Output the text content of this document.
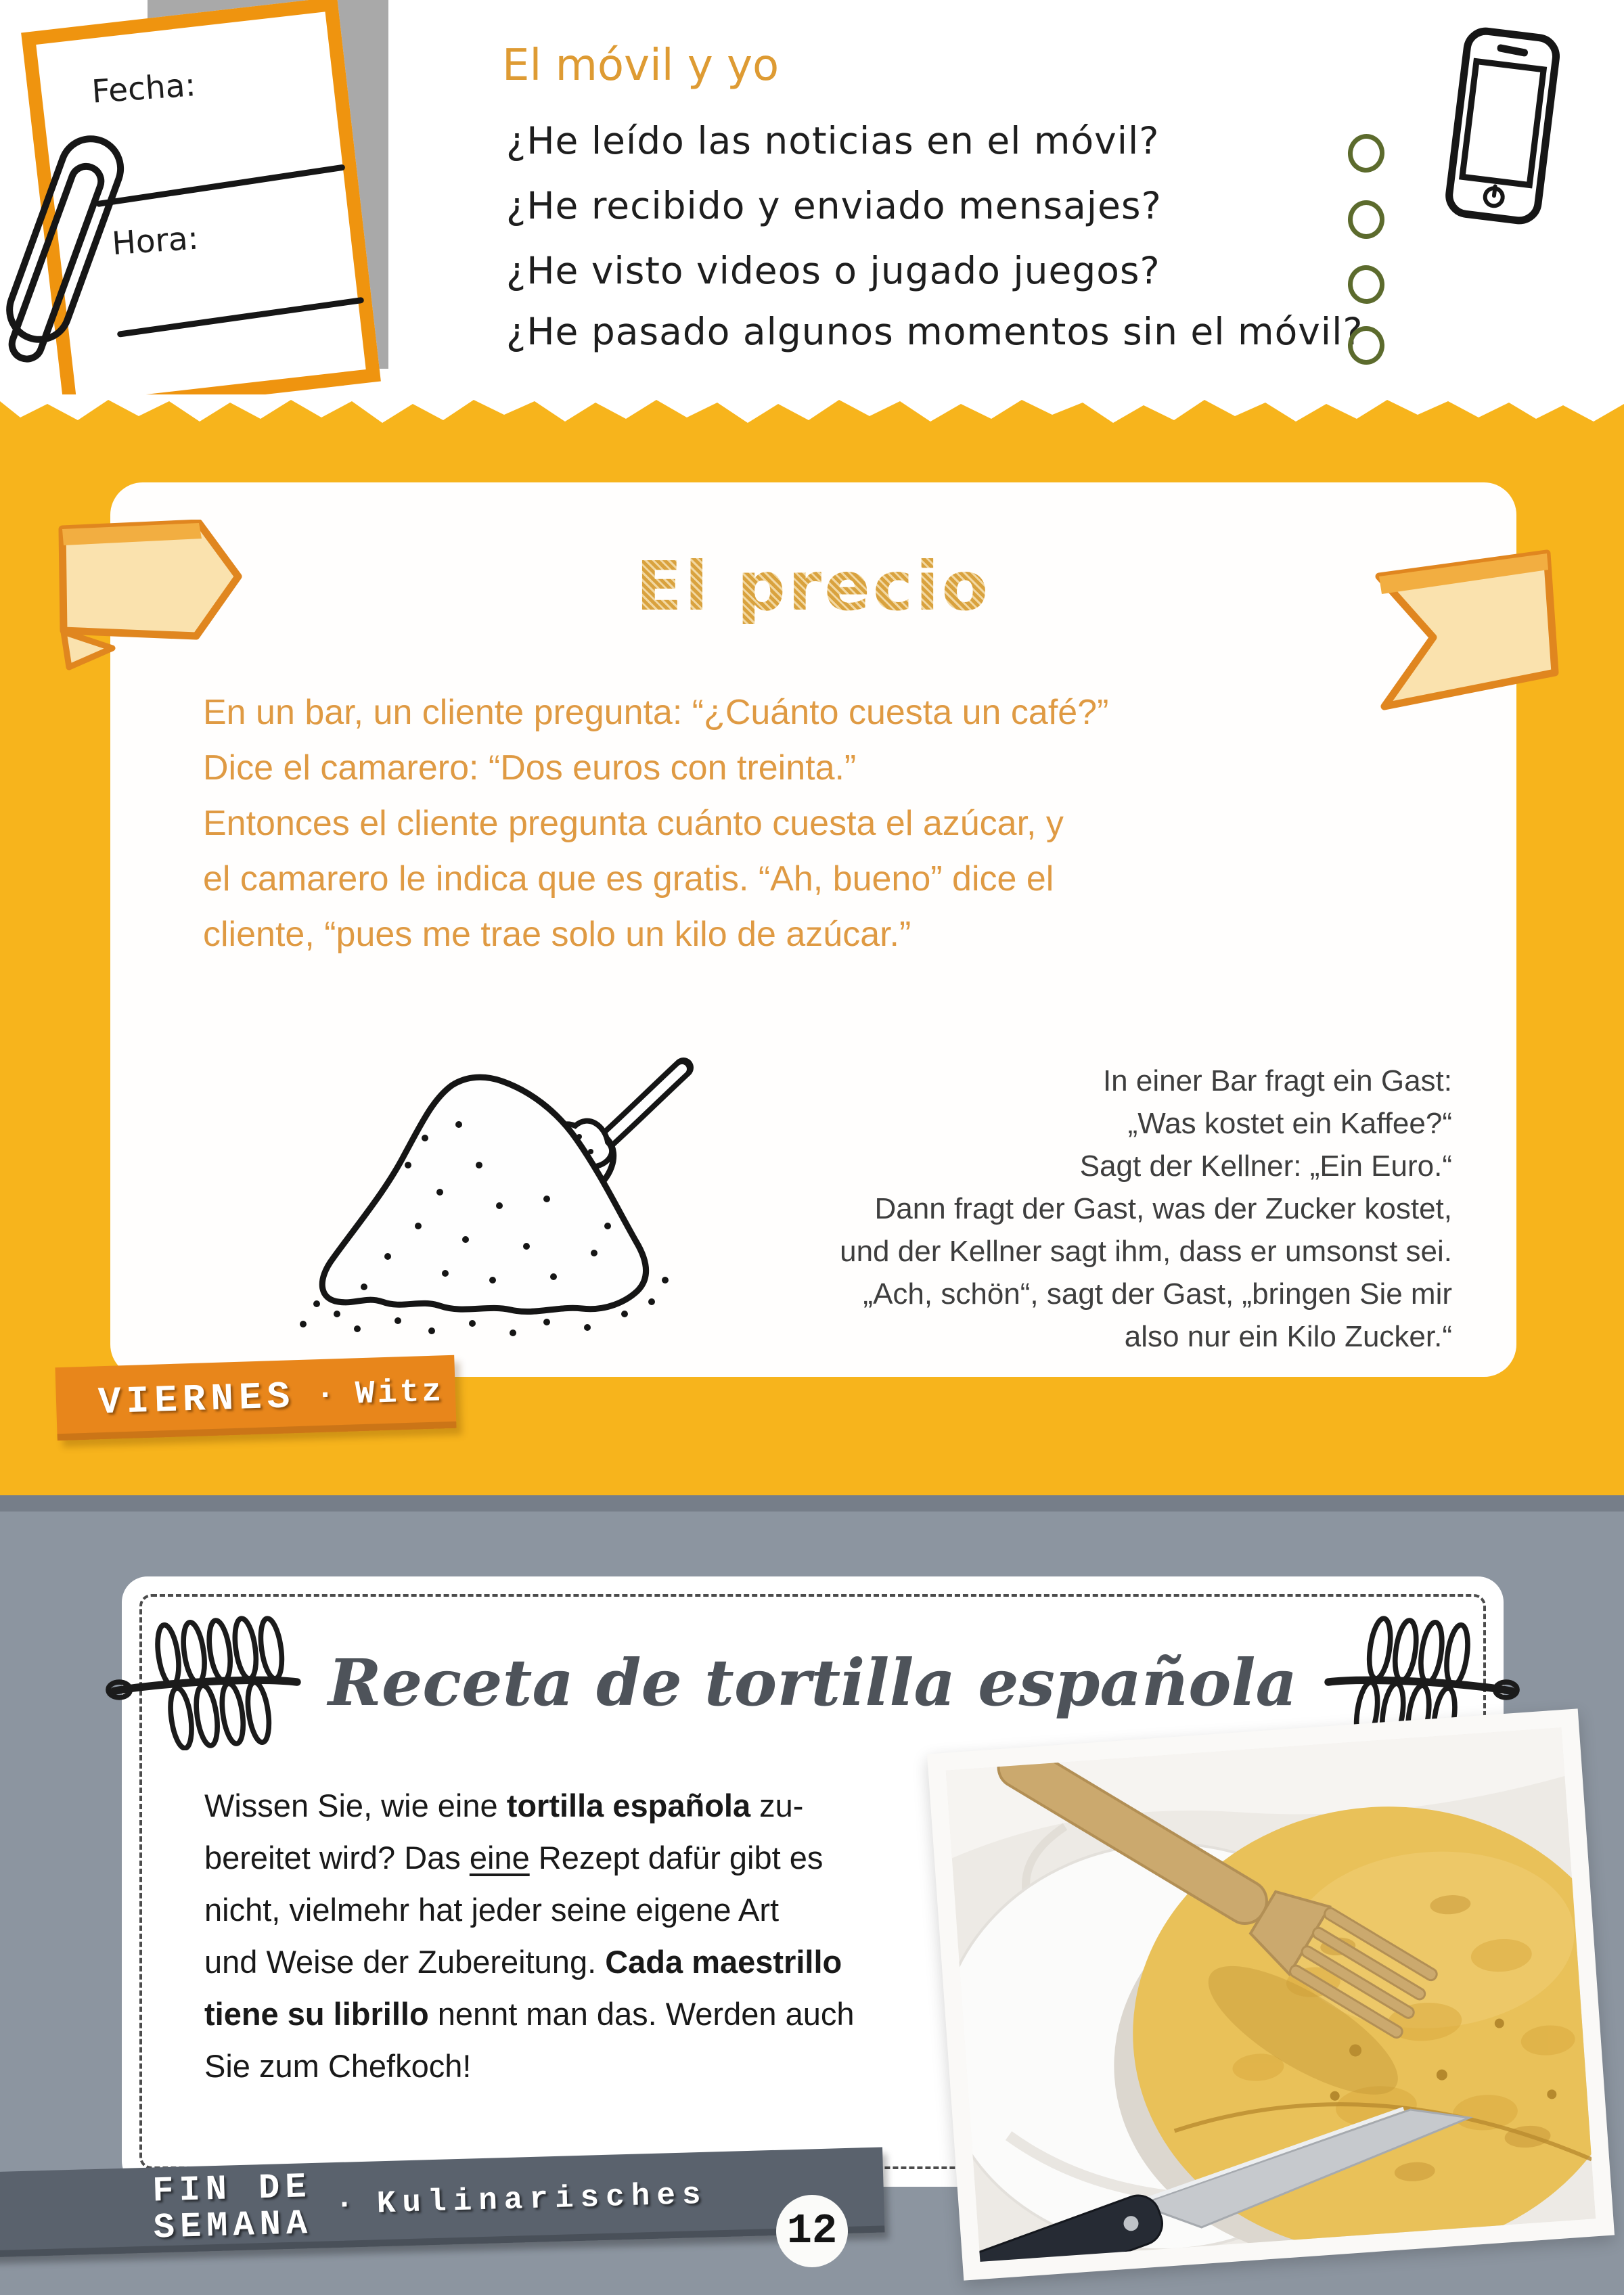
Fecha:
Hora:
El móvil y yo
¿He leído las noticias en el móvil?
¿He recibido y enviado mensajes?
¿He visto videos o jugado juegos?
¿He pasado algunos momentos sin el móvil?
El precio
En un bar, un cliente pregunta: “¿Cuánto cuesta un café?”
Dice el camarero: “Dos euros con treinta.”
Entonces el cliente pregunta cuánto cuesta el azúcar, y
el camarero le indica que es gratis. “Ah, bueno” dice el
cliente, “pues me trae solo un kilo de azúcar.”
In einer Bar fragt ein Gast:
„Was kostet ein Kaffee?“
Sagt der Kellner: „Ein Euro.“
Dann fragt der Gast, was der Zucker kostet,
und der Kellner sagt ihm, dass er umsonst sei.
„Ach, schön“, sagt der Gast, „bringen Sie mir
also nur ein Kilo Zucker.“
VIERNES · Witz
Receta de tortilla española
Wissen Sie, wie eine tortilla española zu-
bereitet wird? Das eine Rezept dafür gibt es
nicht, vielmehr hat jeder seine eigene Art
und Weise der Zubereitung. Cada maestrillo
tiene su librillo nennt man das. Werden auch
Sie zum Chefkoch!
FIN DE
SEMANA · Kulinarisches
12
